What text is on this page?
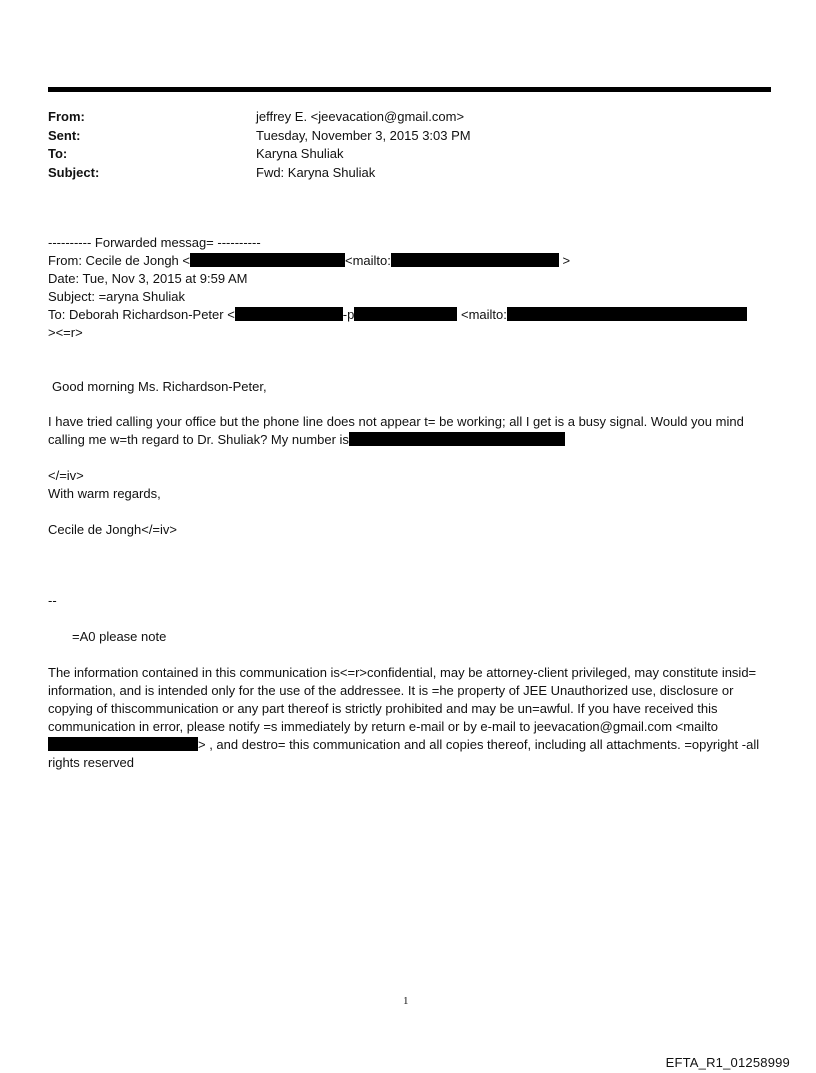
From:	jeffrey E. <jeevacation@gmail.com>
Sent:	Tuesday, November 3, 2015 3:03 PM
To:	Karyna Shuliak
Subject:	Fwd: Karyna Shuliak
---------- Forwarded messag= ----------
From: Cecile de Jongh <	<mailto:	>
Date: Tue, Nov 3, 2015 at 9:59 AM
Subject: =aryna Shuliak
To: Deborah Richardson-Peter <	-p	<mailto:
><=r>
Good morning Ms. Richardson-Peter,
I have tried calling your office but the phone line does not appear t= be working; all I get is a busy signal. Would you mind calling me w=th regard to Dr. Shuliak? My number is
</=iv>
With warm regards,
Cecile de Jongh</=iv>
--
=A0 please note
The information contained in this communication is<=r>confidential, may be attorney-client privileged, may constitute insid= information, and is intended only for the use of the addressee. It is =he property of JEE Unauthorized use, disclosure or copying of thiscommunication or any part thereof is strictly prohibited and may be un=awful. If you have received this communication in error, please notify =s immediately by return e-mail or by e-mail to jeevacation@gmail.com <mailto> , and destro= this communication and all copies thereof, including all attachments. =opyright -all rights reserved
1
EFTA_R1_01258999
